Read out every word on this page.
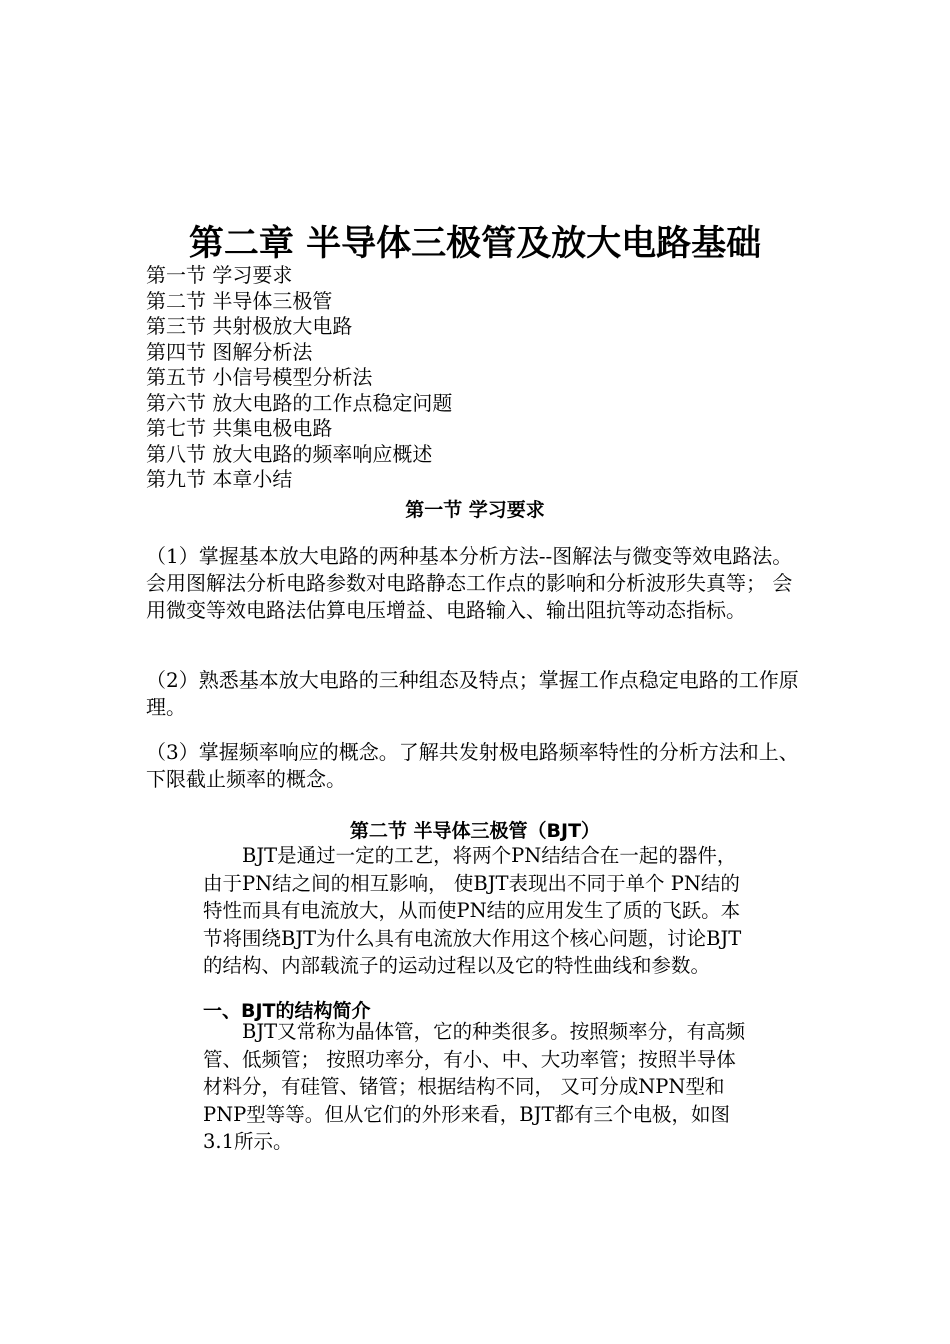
第二章 半导体三极管及放大电路基础
第一节 学习要求
第二节 半导体三极管
第三节 共射极放大电路
第四节 图解分析法
第五节 小信号模型分析法
第六节 放大电路的工作点稳定问题
第七节 共集电极电路
第八节 放大电路的频率响应概述
第九节 本章小结
第一节 学习要求

（1）掌握基本放大电路的两种基本分析方法--图解法与微变等效电路法。 会用图解法分析电路参数对电路静态工作点的影响和分析波形失真等； 会用微变等效电路法估算电压增益、电路输入、输出阻抗等动态指标。

（2）熟悉基本放大电路的三种组态及特点；掌握工作点稳定电路的工作原理。

（3）掌握频率响应的概念。了解共发射极电路频率特性的分析方法和上、下限截止频率的概念。

第二节 半导体三极管（BJT）

BJT是通过一定的工艺，将两个PN结结合在一起的器件，由于PN结之间的相互影响， 使BJT表现出不同于单个 PN结的特性而具有电流放大，从而使PN结的应用发生了质的飞跃。本节将围绕BJT为什么具有电流放大作用这个核心问题，讨论BJT的结构、内部载流子的运动过程以及它的特性曲线和参数。

一、BJT的结构简介

BJT又常称为晶体管，它的种类很多。按照频率分，有高频管、低频管； 按照功率分，有小、中、大功率管；按照半导体材料分，有硅管、锗管；根据结构不同， 又可分成NPN型和PNP型等等。但从它们的外形来看，BJT都有三个电极，如图3.1所示。
